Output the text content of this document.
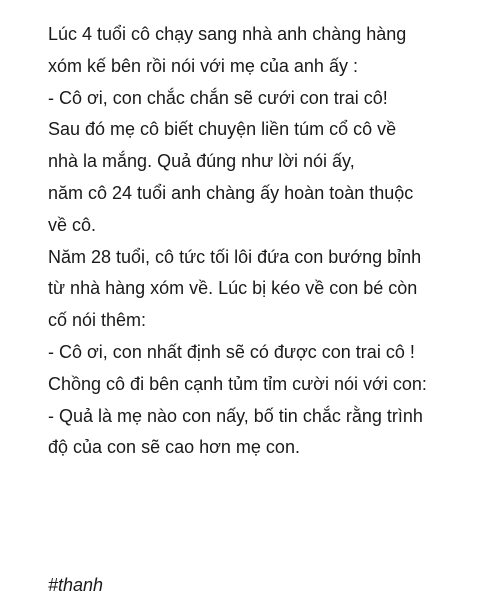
Lúc 4 tuổi cô chạy sang nhà anh chàng hàng

xóm kế bên rồi nói với mẹ của anh ấy :

- Cô ơi, con chắc chắn sẽ cưới con trai cô!

Sau đó mẹ cô biết chuyện liền túm cổ cô về

nhà la mắng. Quả đúng như lời nói ấy,

năm cô 24 tuổi anh chàng ấy hoàn toàn thuộc

về cô.

Năm 28 tuổi, cô tức tối lôi đứa con bướng bỉnh

từ nhà hàng xóm về. Lúc bị kéo về con bé còn

cố nói thêm:

- Cô ơi, con nhất định sẽ có được con trai cô !

Chồng cô đi bên cạnh tủm tỉm cười nói với con:

- Quả là mẹ nào con nấy, bố tin chắc rằng trình

độ của con sẽ cao hơn mẹ con.

#thanh
